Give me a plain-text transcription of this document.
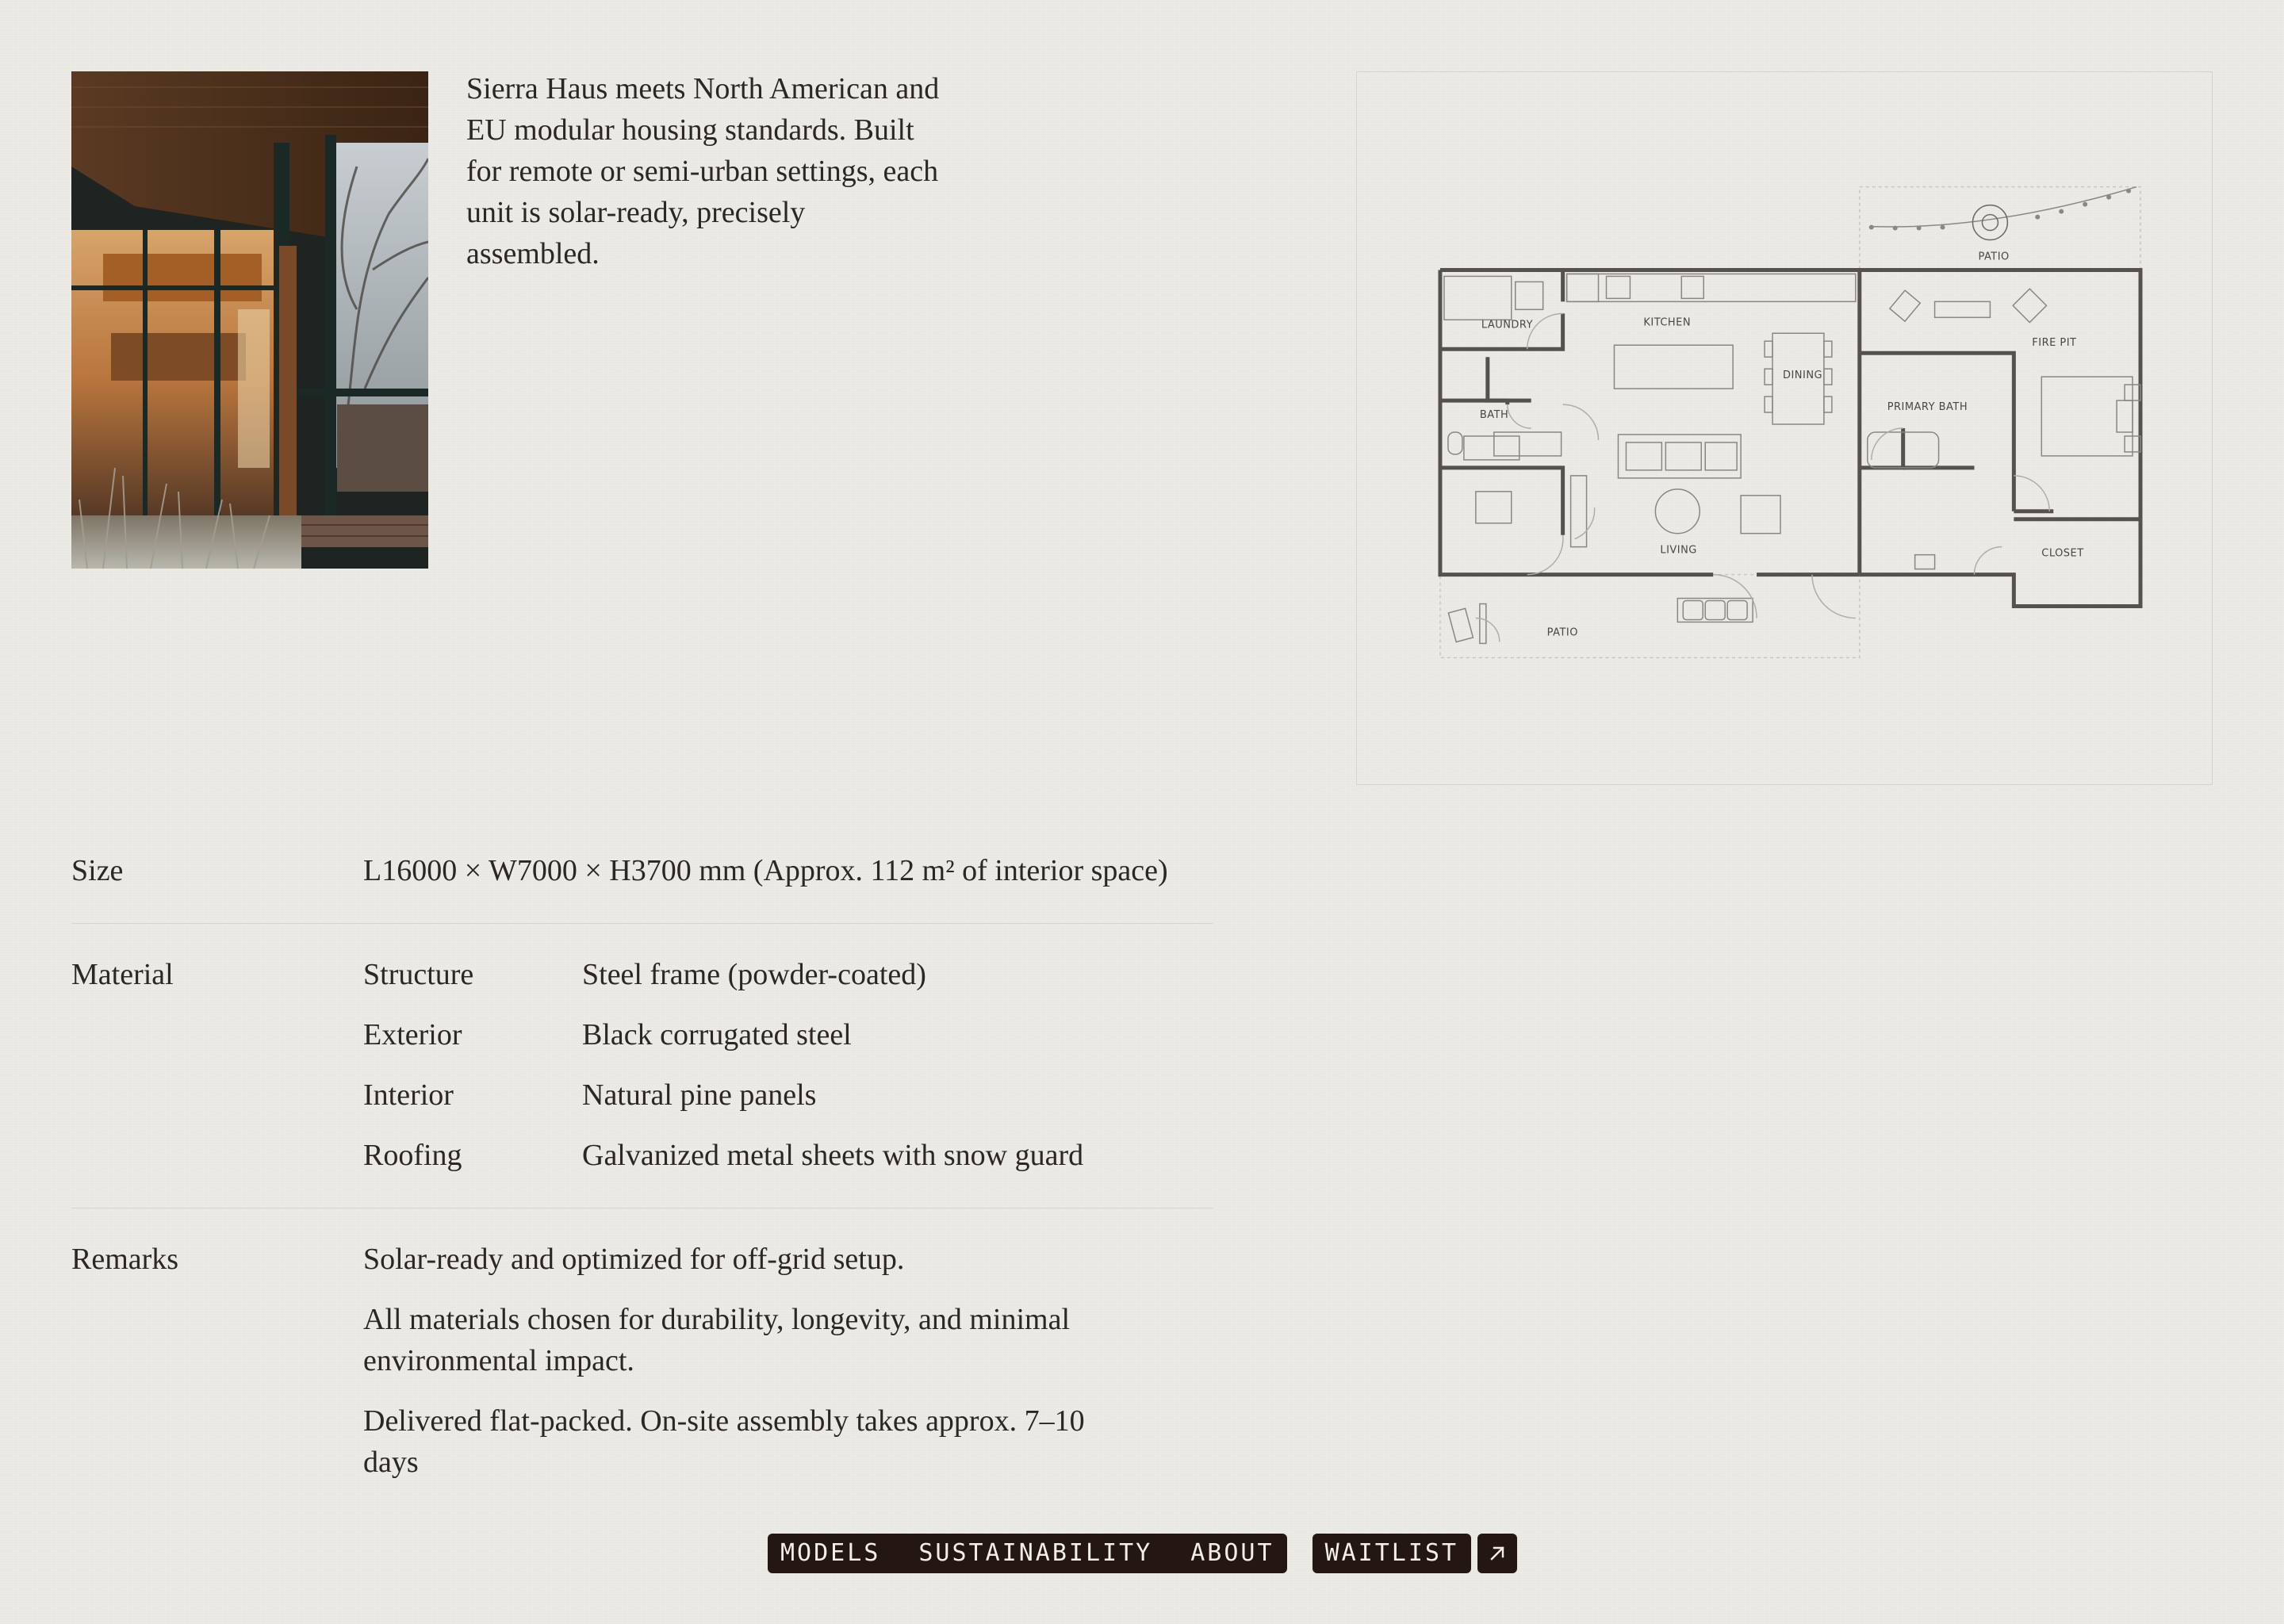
Sierra Haus meets North American and EU modular housing standards. Built for remote or semi-urban settings, each unit is solar-ready, precisely assembled.

LAUNDRY	KITCHEN
DINING
PATIO
FIRE PIT
BATH
PRIMARY BATH
LIVING	CLOSET
PATIO
Size	L16000 × W7000 × H3700 mm (Approx. 112 m² of interior space)
Material	Structure	Steel frame (powder-coated)
Exterior	Black corrugated steel
Interior	Natural pine panels
Roofing	Galvanized metal sheets with snow guard
Remarks	Solar-ready and optimized for off-grid setup.
All materials chosen for durability, longevity, and minimal environmental impact.
Delivered flat-packed. On-site assembly takes approx. 7–10 days
MODELS SUSTAINABILITY ABOUT	WAITLIST
